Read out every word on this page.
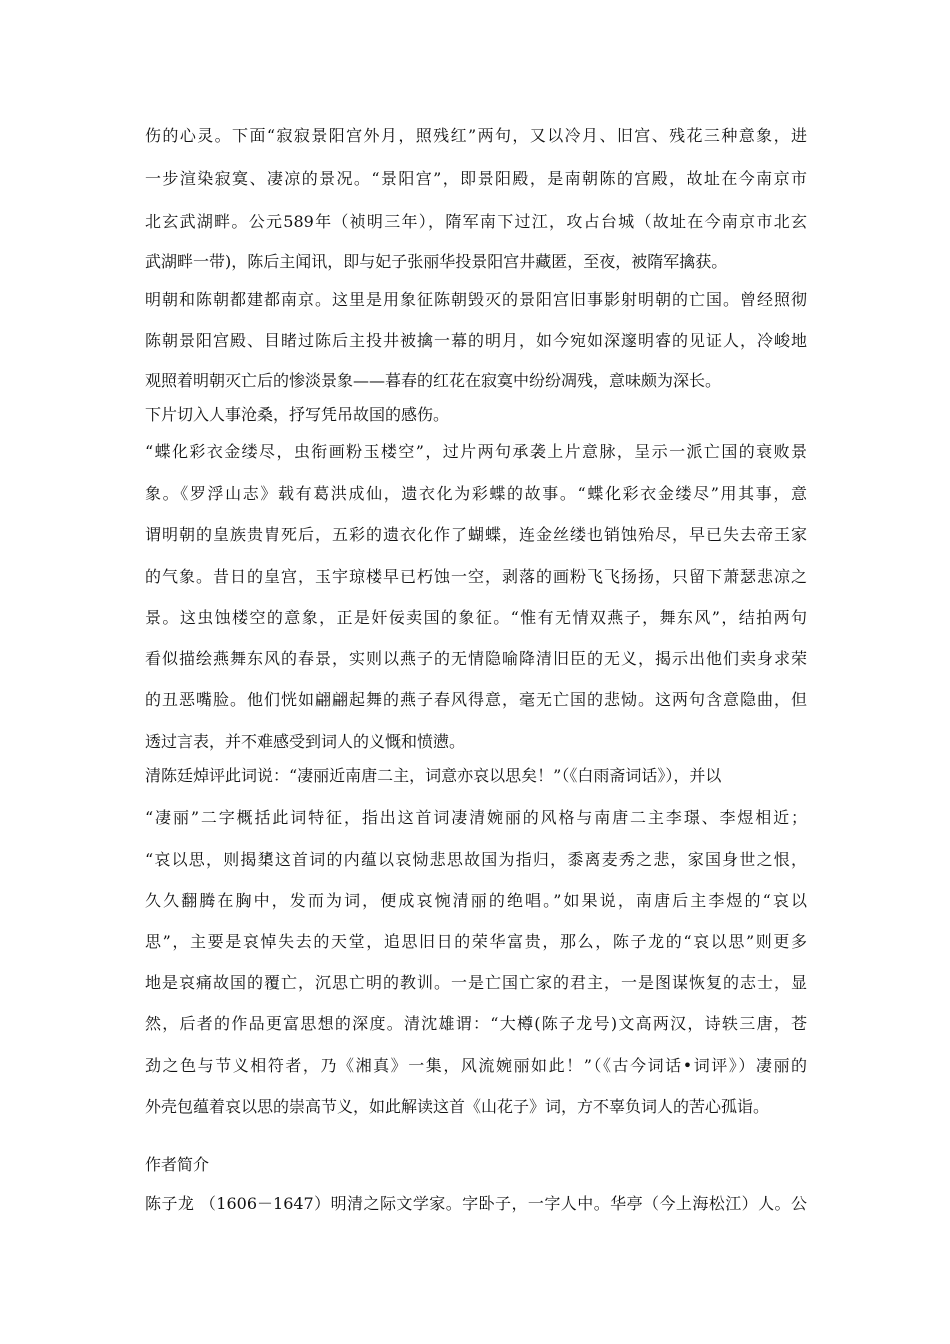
伤的心灵。下面“寂寂景阳宫外月，照残红”两句，又以冷月、旧宫、残花三种意象，进
一步渲染寂寞、凄凉的景况。“景阳宫”，即景阳殿，是南朝陈的宫殿，故址在今南京市
北玄武湖畔。公元589年（祯明三年），隋军南下过江，攻占台城（故址在今南京市北玄
武湖畔一带)，陈后主闻讯，即与妃子张丽华投景阳宫井藏匿，至夜，被隋军擒获。
明朝和陈朝都建都南京。这里是用象征陈朝毁灭的景阳宫旧事影射明朝的亡国。曾经照彻
陈朝景阳宫殿、目睹过陈后主投井被擒一幕的明月，如今宛如深邃明睿的见证人，冷峻地
观照着明朝灭亡后的惨淡景象——暮春的红花在寂寞中纷纷凋残，意味颇为深长。
下片切入人事沧桑，抒写凭吊故国的感伤。
“蝶化彩衣金缕尽，虫衔画粉玉楼空”，过片两句承袭上片意脉，呈示一派亡国的衰败景
象。《罗浮山志》载有葛洪成仙，遗衣化为彩蝶的故事。“蝶化彩衣金缕尽”用其事，意
谓明朝的皇族贵胄死后，五彩的遗衣化作了蝴蝶，连金丝缕也销蚀殆尽，早已失去帝王家
的气象。昔日的皇宫，玉宇琼楼早已朽蚀一空，剥落的画粉飞飞扬扬，只留下萧瑟悲凉之
景。这虫蚀楼空的意象，正是奸佞卖国的象征。“惟有无情双燕子，舞东风”，结拍两句
看似描绘燕舞东风的春景，实则以燕子的无情隐喻降清旧臣的无义，揭示出他们卖身求荣
的丑恶嘴脸。他们恍如翩翩起舞的燕子春风得意，毫无亡国的悲恸。这两句含意隐曲，但
透过言表，并不难感受到词人的义慨和愤懑。
清陈廷焯评此词说：“凄丽近南唐二主，词意亦哀以思矣！”（《白雨斋词话》），并以
“凄丽”二字概括此词特征，指出这首词凄清婉丽的风格与南唐二主李璟、李煜相近；
“哀以思，则揭橥这首词的内蕴以哀恸悲思故国为指归，黍离麦秀之悲，家国身世之恨，
久久翻腾在胸中，发而为词，便成哀惋清丽的绝唱。”如果说，南唐后主李煜的“哀以
思”，主要是哀悼失去的天堂，追思旧日的荣华富贵，那么，陈子龙的“哀以思”则更多
地是哀痛故国的覆亡，沉思亡明的教训。一是亡国亡家的君主，一是图谋恢复的志士，显
然，后者的作品更富思想的深度。清沈雄谓：“大樽(陈子龙号)文高两汉，诗轶三唐，苍
劲之色与节义相符者，乃《湘真》一集，风流婉丽如此！”（《古今词话•词评》）凄丽的
外壳包蕴着哀以思的崇高节义，如此解读这首《山花子》词，方不辜负词人的苦心孤诣。
作者简介
陈子龙 （1606－1647）明清之际文学家。字卧子，一字人中。华亭（今上海松江）人。公
